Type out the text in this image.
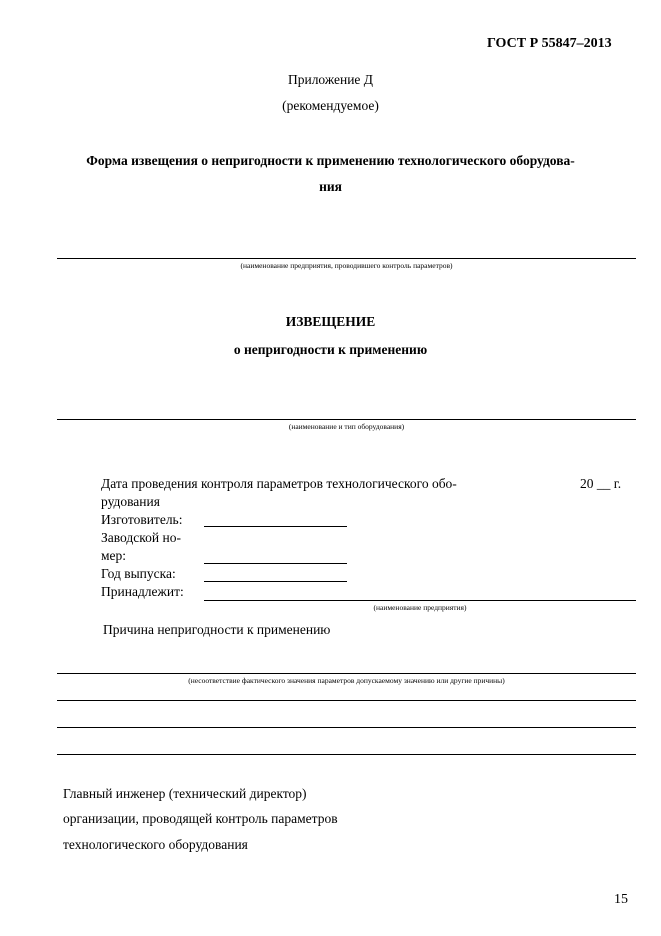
ГОСТ Р 55847–2013
Приложение Д
(рекомендуемое)
Форма извещения о непригодности к применению технологического оборудова-
ния
(наименование предприятия, проводившего контроль параметров)
ИЗВЕЩЕНИЕ
о непригодности к применению
(наименование и тип оборудования)
Дата проведения контроля параметров технологического обо-	20 __ г.
рудования
Изготовитель:
Заводской но-
мер:
Год выпуска:
Принадлежит:
(наименование предприятия)
Причина непригодности к применению
(несоответствие фактического значения параметров допускаемому значению или другие причины)
Главный инженер (технический директор)
организации, проводящей контроль параметров
технологического оборудования
15
